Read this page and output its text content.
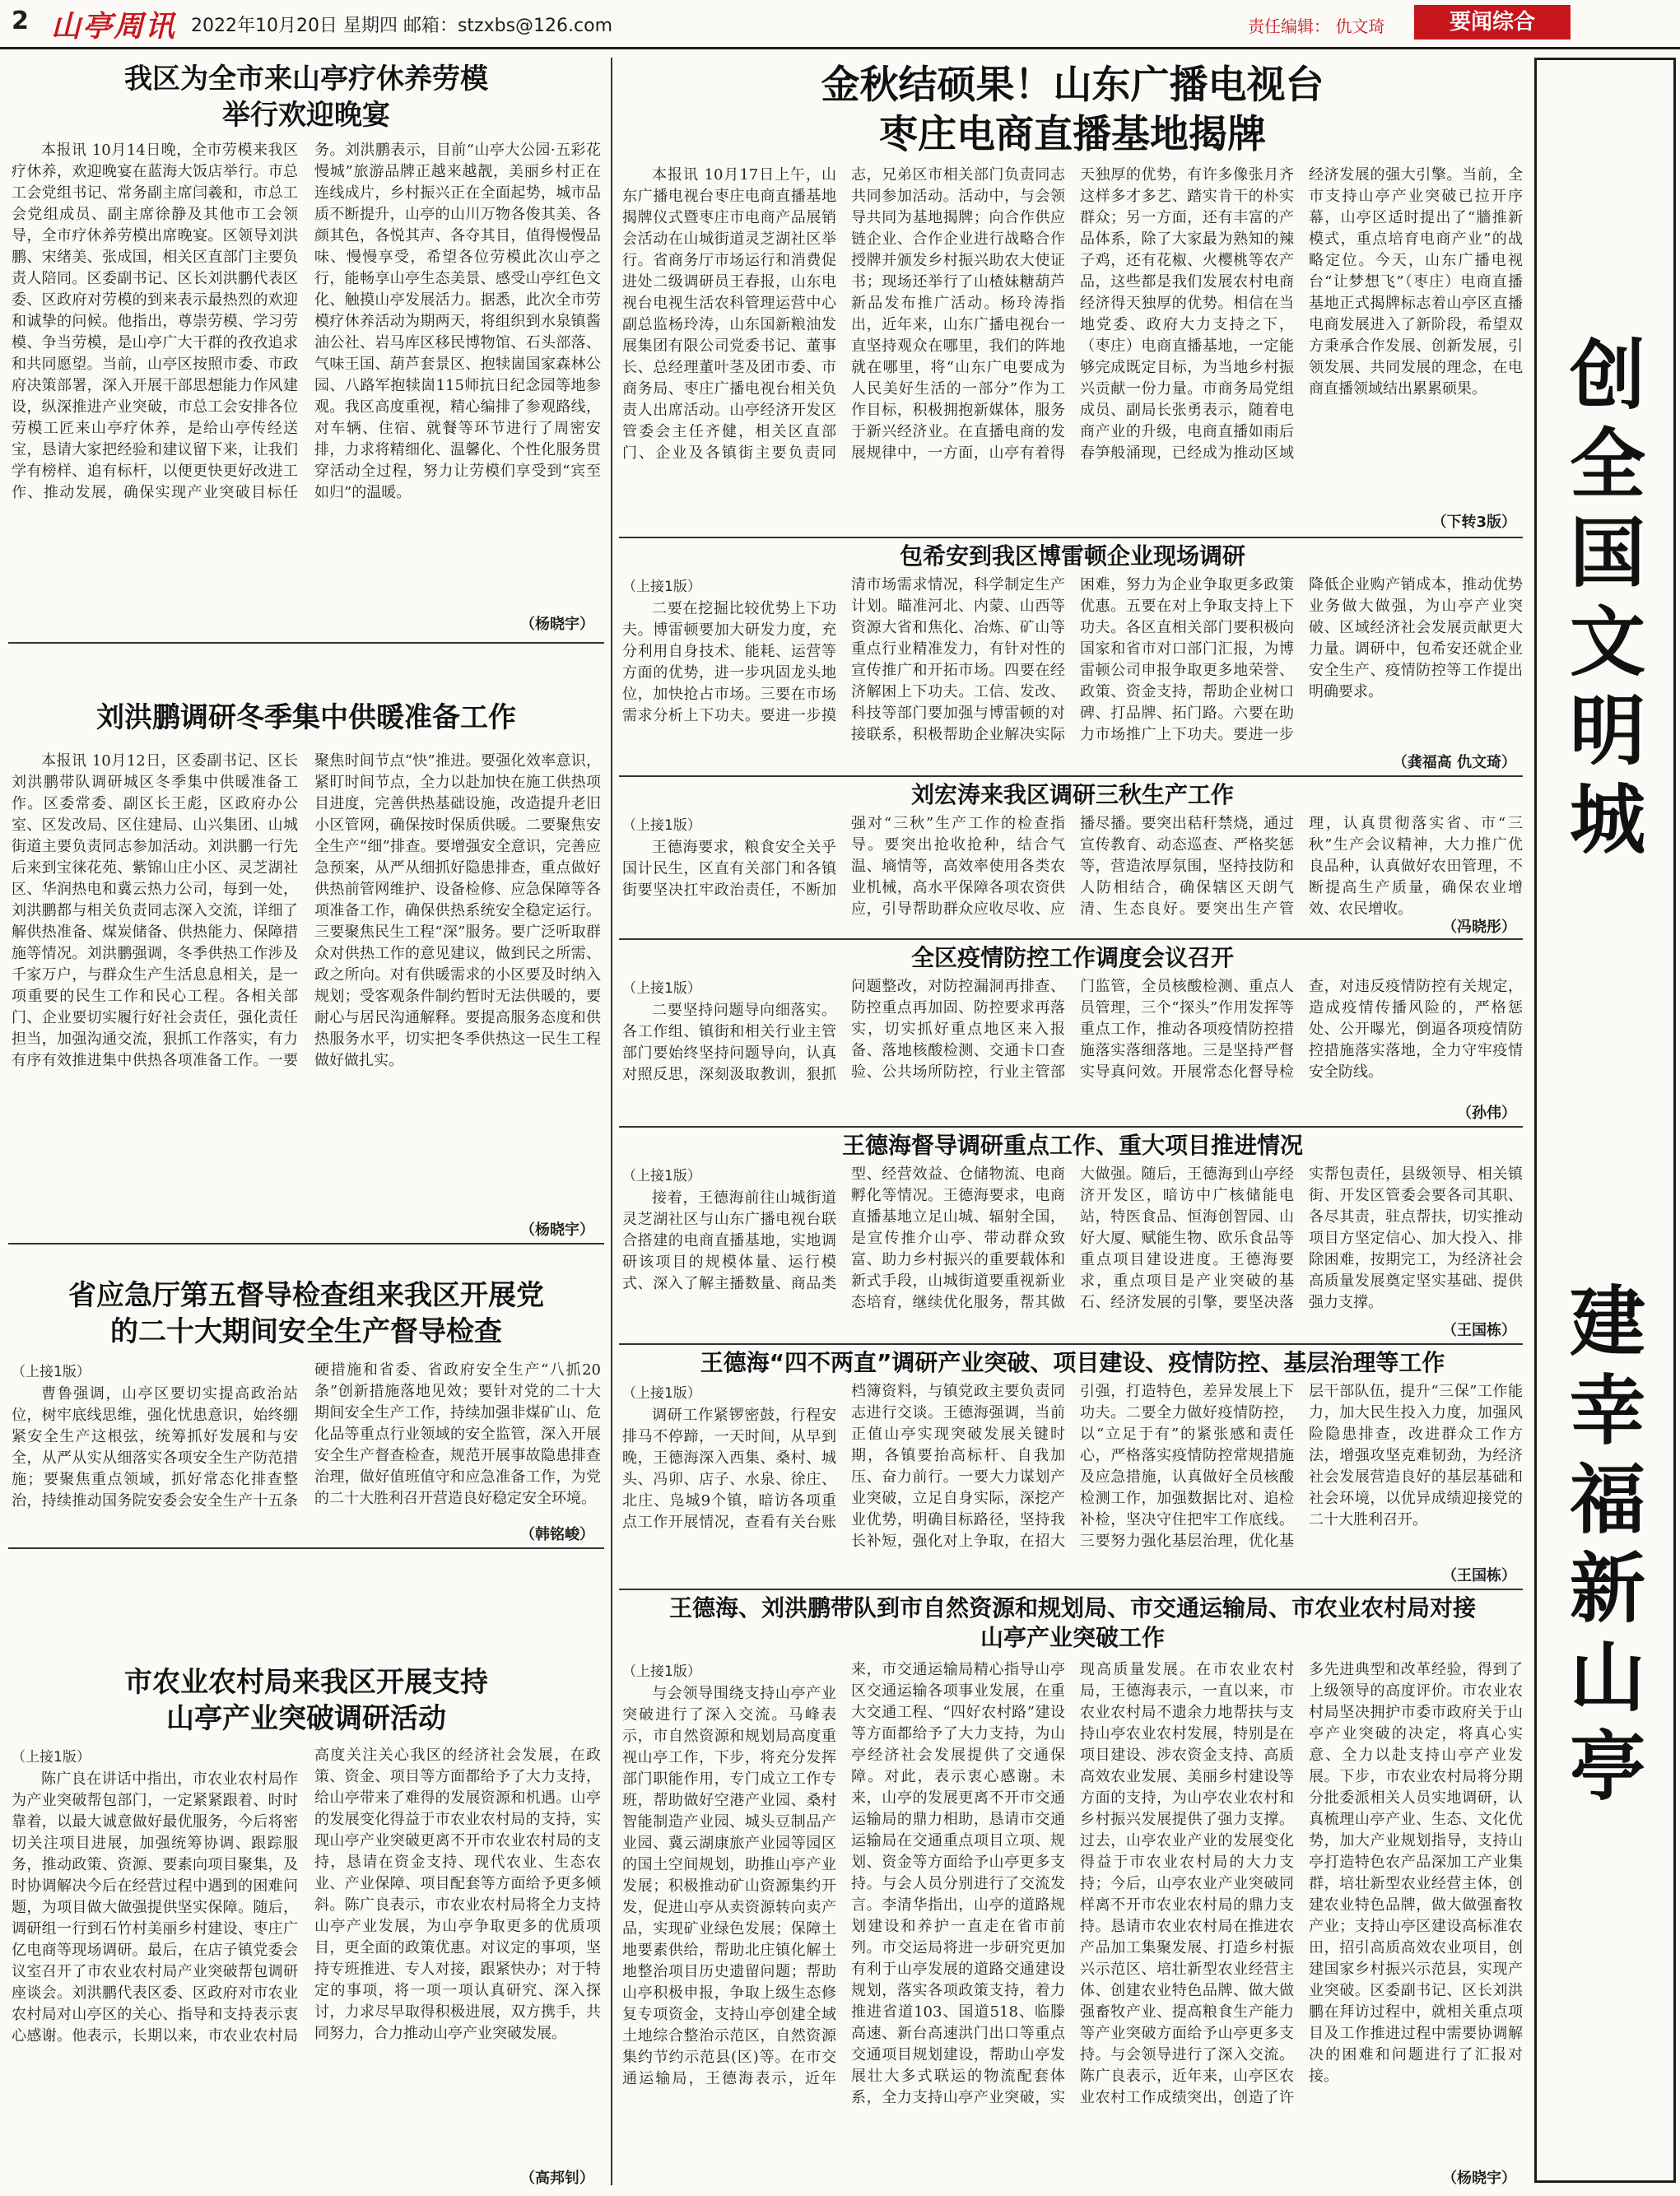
2 山亭周讯 2022年10月20日 星期四 邮箱：stzxbs@126.com	责任编辑： 仇文琦	要闻综合
创全国文明城
建幸福新山亭
我区为全市来山亭疗休养劳模
举行欢迎晚宴

本报讯 10月14日晚，全市劳模来我区疗休养，欢迎晚宴在蓝海大饭店举行。市总工会党组书记、常务副主席闫羲和，市总工会党组成员、副主席徐静及其他市工会领导，全市疗休养劳模出席晚宴。区领导刘洪鹏、宋绪美、张成国，相关区直部门主要负责人陪同。区委副书记、区长刘洪鹏代表区委、区政府对劳模的到来表示最热烈的欢迎和诚挚的问候。他指出，尊崇劳模、学习劳模、争当劳模，是山亭广大干群的孜孜追求和共同愿望。当前，山亭区按照市委、市政府决策部署，深入开展干部思想能力作风建设，纵深推进产业突破，市总工会安排各位劳模工匠来山亭疗休养，是给山亭传经送宝，恳请大家把经验和建议留下来，让我们学有榜样、追有标杆，以便更快更好改进工作、推动发展，确保实现产业突破目标任务。刘洪鹏表示，目前“山亭大公园·五彩花慢城”旅游品牌正越来越靓，美丽乡村正在连线成片，乡村振兴正在全面起势，城市品质不断提升，山亭的山川万物各俊其美、各颜其色，各悦其声、各夺其目，值得慢慢品味、慢慢享受，希望各位劳模此次山亭之行，能畅享山亭生态美景、感受山亭红色文化、触摸山亭发展活力。据悉，此次全市劳模疗休养活动为期两天，将组织到水泉镇酱油公社、岩马库区移民博物馆、石头部落、气味王国、葫芦套景区、抱犊崮国家森林公园、八路军抱犊崮115师抗日纪念园等地参观。我区高度重视，精心编排了参观路线，对车辆、住宿、就餐等环节进行了周密安排，力求将精细化、温馨化、个性化服务贯穿活动全过程，努力让劳模们享受到“宾至如归”的温暖。

（杨晓宇）
刘洪鹏调研冬季集中供暖准备工作

本报讯 10月12日，区委副书记、区长刘洪鹏带队调研城区冬季集中供暖准备工作。区委常委、副区长王彪，区政府办公室、区发改局、区住建局、山兴集团、山城街道主要负责同志参加活动。刘洪鹏一行先后来到宝徕花苑、紫锦山庄小区、灵芝湖社区、华润热电和冀云热力公司，每到一处，刘洪鹏都与相关负责同志深入交流，详细了解供热准备、煤炭储备、供热能力、保障措施等情况。刘洪鹏强调，冬季供热工作涉及千家万户，与群众生产生活息息相关，是一项重要的民生工作和民心工程。各相关部门、企业要切实履行好社会责任，强化责任担当，加强沟通交流，狠抓工作落实，有力有序有效推进集中供热各项准备工作。一要聚焦时间节点“快”推进。要强化效率意识，紧盯时间节点，全力以赴加快在施工供热项目进度，完善供热基础设施，改造提升老旧小区管网，确保按时保质供暖。二要聚焦安全生产“细”排查。要增强安全意识，完善应急预案，从严从细抓好隐患排查，重点做好供热前管网维护、设备检修、应急保障等各项准备工作，确保供热系统安全稳定运行。三要聚焦民生工程“深”服务。要广泛听取群众对供热工作的意见建议，做到民之所需、政之所向。对有供暖需求的小区要及时纳入规划；受客观条件制约暂时无法供暖的，要耐心与居民沟通解释。要提高服务态度和供热服务水平，切实把冬季供热这一民生工程做好做扎实。

（杨晓宇）
省应急厅第五督导检查组来我区开展党
的二十大期间安全生产督导检查
（上接1版）

曹鲁强调，山亭区要切实提高政治站位，树牢底线思维，强化忧患意识，始终绷紧安全生产这根弦，统筹抓好发展和与安全，从严从实从细落实各项安全生产防范措施；要聚焦重点领域，抓好常态化排查整治，持续推动国务院安委会安全生产十五条硬措施和省委、省政府安全生产“八抓20条”创新措施落地见效；要针对党的二十大期间安全生产工作，持续加强非煤矿山、危化品等重点行业领域的安全监管，深入开展安全生产督查检查，规范开展事故隐患排查治理，做好值班值守和应急准备工作，为党的二十大胜利召开营造良好稳定安全环境。

（韩铭峻）
市农业农村局来我区开展支持
山亭产业突破调研活动
（上接1版）

陈广良在讲话中指出，市农业农村局作为产业突破帮包部门，一定紧紧跟着、时时靠着，以最大诚意做好最优服务，今后将密切关注项目进展，加强统筹协调、跟踪服务，推动政策、资源、要素向项目聚集，及时协调解决今后在经营过程中遇到的困难问题，为项目做大做强提供坚实保障。随后，调研组一行到石竹村美丽乡村建设、枣庄广亿电商等现场调研。最后，在店子镇党委会议室召开了市农业农村局产业突破帮包调研座谈会。刘洪鹏代表区委、区政府对市农业农村局对山亭区的关心、指导和支持表示衷心感谢。他表示，长期以来，市农业农村局高度关注关心我区的经济社会发展，在政策、资金、项目等方面都给予了大力支持，给山亭带来了难得的发展资源和机遇。山亭的发展变化得益于市农业农村局的支持，实现山亭产业突破更离不开市农业农村局的支持，恳请在资金支持、现代农业、生态农业、产业保障、项目配套等方面给予更多倾斜。陈广良表示，市农业农村局将全力支持山亭产业发展，为山亭争取更多的优质项目，更全面的政策优惠。对议定的事项，坚持专班推进、专人对接，跟紧快办；对于特定的事项，将一项一项认真研究、深入探讨，力求尽早取得积极进展，双方携手，共同努力，合力推动山亭产业突破发展。

（高邦钊）
金秋结硕果！山东广播电视台
枣庄电商直播基地揭牌

本报讯 10月17日上午，山东广播电视台枣庄电商直播基地揭牌仪式暨枣庄市电商产品展销会活动在山城街道灵芝湖社区举行。省商务厅市场运行和消费促进处二级调研员王春报，山东电视台电视生活农科管理运营中心副总监杨玲涛，山东国新粮油发展集团有限公司党委书记、董事长、总经理董叶茎及团市委、市商务局、枣庄广播电视台相关负责人出席活动。山亭经济开发区管委会主任齐健，相关区直部门、企业及各镇街主要负责同志，兄弟区市相关部门负责同志共同参加活动。活动中，与会领导共同为基地揭牌；向合作供应链企业、合作企业进行战略合作授牌并颁发乡村振兴助农大使证书；现场还举行了山楂妹糖葫芦新品发布推广活动。杨玲涛指出，近年来，山东广播电视台一直坚持观众在哪里，我们的阵地就在哪里，将“山东广电要成为人民美好生活的一部分”作为工作目标，积极拥抱新媒体，服务于新兴经济业。在直播电商的发展规律中，一方面，山亭有着得天独厚的优势，有许多像张月齐这样多才多艺、踏实肯干的朴实群众；另一方面，还有丰富的产品体系，除了大家最为熟知的辣子鸡，还有花椒、火樱桃等农产品，这些都是我们发展农村电商经济得天独厚的优势。相信在当地党委、政府大力支持之下，（枣庄）电商直播基地，一定能够完成既定目标，为当地乡村振兴贡献一份力量。市商务局党组成员、副局长张勇表示，随着电商产业的升级，电商直播如雨后春笋般涌现，已经成为推动区域经济发展的强大引擎。当前，全市支持山亭产业突破已拉开序幕，山亭区适时提出了“牆推新模式，重点培育电商产业”的战略定位。今天，山东广播电视台“让梦想飞”（枣庄）电商直播基地正式揭牌标志着山亭区直播电商发展进入了新阶段，希望双方秉承合作发展、创新发展，引领发展、共同发展的理念，在电商直播领域结出累累硕果。

（下转3版）
包希安到我区博雷顿企业现场调研
（上接1版）

二要在挖掘比较优势上下功夫。博雷顿要加大研发力度，充分利用自身技术、能耗、运营等方面的优势，进一步巩固龙头地位，加快抢占市场。三要在市场需求分析上下功夫。要进一步摸清市场需求情况，科学制定生产计划。瞄准河北、内蒙、山西等资源大省和焦化、冶炼、矿山等重点行业精准发力，有针对性的宣传推广和开拓市场。四要在经济解困上下功夫。工信、发改、科技等部门要加强与博雷顿的对接联系，积极帮助企业解决实际困难，努力为企业争取更多政策优惠。五要在对上争取支持上下功夫。各区直相关部门要积极向国家和省市对口部门汇报，为博雷顿公司申报争取更多地荣誉、政策、资金支持，帮助企业树口碑、打品牌、拓门路。六要在助力市场推广上下功夫。要进一步降低企业购产销成本，推动优势业务做大做强，为山亭产业突破、区域经济社会发展贡献更大力量。调研中，包希安还就企业安全生产、疫情防控等工作提出明确要求。

（龚福高 仇文琦）
刘宏涛来我区调研三秋生产工作
（上接1版）

王德海要求，粮食安全关乎国计民生，区直有关部门和各镇街要坚决扛牢政治责任，不断加强对“三秋”生产工作的检查指导。要突出抢收抢种，结合气温、墒情等，高效率使用各类农业机械，高水平保障各项农资供应，引导帮助群众应收尽收、应播尽播。要突出秸秆禁烧，通过宣传教育、动态巡查、严格奖惩等，营造浓厚氛围，坚持技防和人防相结合，确保辖区天朗气清、生态良好。要突出生产管理，认真贯彻落实省、市“三秋”生产会议精神，大力推广优良品种，认真做好农田管理，不断提高生产质量，确保农业增效、农民增收。

（冯晓彤）
全区疫情防控工作调度会议召开
（上接1版）

二要坚持问题导向细落实。各工作组、镇街和相关行业主管部门要始终坚持问题导向，认真对照反思，深刻汲取教训，狠抓问题整改，对防控漏洞再排查、防控重点再加固、防控要求再落实，切实抓好重点地区来入报备、落地核酸检测、交通卡口查验、公共场所防控，行业主管部门监管，全员核酸检测、重点人员管理，三个“探头”作用发挥等重点工作，推动各项疫情防控措施落实落细落地。三是坚持严督实导真问效。开展常态化督导检查，对违反疫情防控有关规定，造成疫情传播风险的，严格惩处、公开曝光，倒逼各项疫情防控措施落实落地，全力守牢疫情安全防线。

（孙伟）
王德海督导调研重点工作、重大项目推进情况
（上接1版）

接着，王德海前往山城街道灵芝湖社区与山东广播电视台联合搭建的电商直播基地，实地调研该项目的规模体量、运行模式、深入了解主播数量、商品类型、经营效益、仓储物流、电商孵化等情况。王德海要求，电商直播基地立足山城、辐射全国，是宣传推介山亭、带动群众致富、助力乡村振兴的重要载体和新式手段，山城街道要重视新业态培育，继续优化服务，帮其做大做强。随后，王德海到山亭经济开发区，暗访中广核储能电站，特医食品、恒海创智园、山好大厦、赋能生物、欧乐食品等重点项目建设进度。王德海要求，重点项目是产业突破的基石、经济发展的引擎，要坚决落实帮包责任，县级领导、相关镇街、开发区管委会要各司其职、各尽其责，驻点帮扶，切实推动项目方坚定信心、加大投入、排除困难，按期完工，为经济社会高质量发展奠定坚实基础、提供强力支撑。

（王国栋）
王德海“四不两直”调研产业突破、项目建设、疫情防控、基层治理等工作
（上接1版）

调研工作紧锣密鼓，行程安排马不停蹄，一天时间，从早到晚，王德海深入西集、桑村、城头、冯卯、店子、水泉、徐庄、北庄、凫城9个镇，暗访各项重点工作开展情况，查看有关台账档簿资料，与镇党政主要负责同志进行交谈。王德海强调，当前正值山亭实现突破发展关键时期，各镇要抬高标杆、自我加压、奋力前行。一要大力谋划产业突破，立足自身实际，深挖产业优势，明确目标路径，坚持我长补短，强化对上争取，在招大引强，打造特色，差异发展上下功夫。二要全力做好疫情防控，以“立足于有”的紧张感和责任心，严格落实疫情防控常规措施及应急措施，认真做好全员核酸检测工作，加强数据比对、追检补检，坚决守住把牢工作底线。三要努力强化基层治理，优化基层干部队伍，提升“三保”工作能力，加大民生投入力度，加强风险隐患排查，改进群众工作方法，增强攻坚克难韧劲，为经济社会发展营造良好的基层基础和社会环境，以优异成绩迎接党的二十大胜利召开。

（王国栋）
王德海、刘洪鹏带队到市自然资源和规划局、市交通运输局、市农业农村局对接
山亭产业突破工作
（上接1版）

与会领导围绕支持山亭产业突破进行了深入交流。马峰表示，市自然资源和规划局高度重视山亭工作，下步，将充分发挥部门职能作用，专门成立工作专班，帮助做好空港产业园、桑村智能制造产业园、城头豆制品产业园、冀云湖康旅产业园等园区的国土空间规划，助推山亭产业发展；积极推动矿山资源集约开发，促进山亭从卖资源转向卖产品，实现矿业绿色发展；保障土地要素供给，帮助北庄镇化解土地整治项目历史遗留问题；帮助山亭积极申报，争取上级生态修复专项资金，支持山亭创建全域土地综合整治示范区，自然资源集约节约示范县(区)等。在市交通运输局，王德海表示，近年来，市交通运输局精心指导山亭区交通运输各项事业发展，在重大交通工程、“四好农村路”建设等方面都给予了大力支持，为山亭经济社会发展提供了交通保障。对此，表示衷心感谢。未来，山亭的发展更离不开市交通运输局的鼎力相助，恳请市交通运输局在交通重点项目立项、规划、资金等方面给予山亭更多支持。与会人员分别进行了交流发言。李清华指出，山亭的道路规划建设和养护一直走在省市前列。市交运局将进一步研究更加有利于山亭发展的道路交通建设规划，落实各项政策支持，着力推进省道103、国道518、临滕高速、新台高速洪门出口等重点交通项目规划建设，帮助山亭发展壮大多式联运的物流配套体系，全力支持山亭产业突破，实现高质量发展。在市农业农村局，王德海表示，一直以来，市农业农村局不遗余力地帮扶与支持山亭农业农村发展，特别是在项目建设、涉农资金支持、高质高效农业发展、美丽乡村建设等方面的支持，为山亭农业农村和乡村振兴发展提供了强力支撑。过去，山亭农业产业的发展变化得益于市农业农村局的大力支持；今后，山亭农业产业突破同样离不开市农业农村局的鼎力支持。恳请市农业农村局在推进农产品加工集聚发展、打造乡村振兴示范区、培壮新型农业经营主体、创建农业特色品牌、做大做强畜牧产业、提高粮食生产能力等产业突破方面给予山亭更多支持。与会领导进行了深入交流。陈广良表示，近年来，山亭区农业农村工作成绩突出，创造了许多先进典型和改革经验，得到了上级领导的高度评价。市农业农村局坚决拥护市委市政府关于山亭产业突破的决定，将真心实意、全力以赴支持山亭产业发展。下步，市农业农村局将分期分批委派相关人员实地调研，认真梳理山亭产业、生态、文化优势，加大产业规划指导，支持山亭打造特色农产品深加工产业集群，培壮新型农业经营主体，创建农业特色品牌，做大做强畜牧产业；支持山亭区建设高标准农田，招引高质高效农业项目，创建国家乡村振兴示范县，实现产业突破。区委副书记、区长刘洪鹏在拜访过程中，就相关重点项目及工作推进过程中需要协调解决的困难和问题进行了汇报对接。

（杨晓宇）
